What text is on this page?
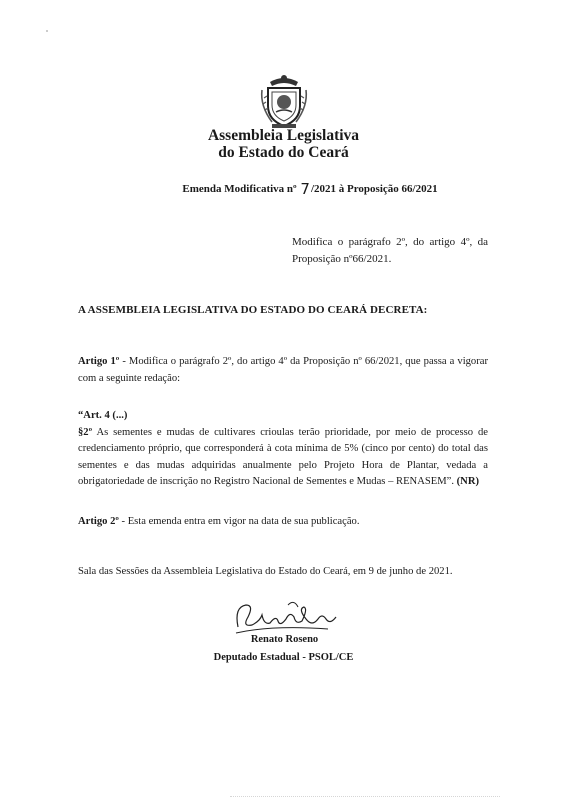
Assembleia Legislativa
do Estado do Ceará
Emenda Modificativa nº 7/2021 à Proposição 66/2021
Modifica o parágrafo 2º, do artigo 4º, da Proposição nº66/2021.
A ASSEMBLEIA LEGISLATIVA DO ESTADO DO CEARÁ DECRETA:
Artigo 1º - Modifica o parágrafo 2º, do artigo 4º da Proposição nº 66/2021, que passa a vigorar com a seguinte redação:
“Art. 4 (...)
§2º As sementes e mudas de cultivares crioulas terão prioridade, por meio de processo de credenciamento próprio, que corresponderá à cota mínima de 5% (cinco por cento) do total das sementes e das mudas adquiridas anualmente pelo Projeto Hora de Plantar, vedada a obrigatoriedade de inscrição no Registro Nacional de Sementes e Mudas – RENASEM”. (NR)
Artigo 2º - Esta emenda entra em vigor na data de sua publicação.
Sala das Sessões da Assembleia Legislativa do Estado do Ceará, em 9 de junho de 2021.
Renato Roseno
Deputado Estadual - PSOL/CE
